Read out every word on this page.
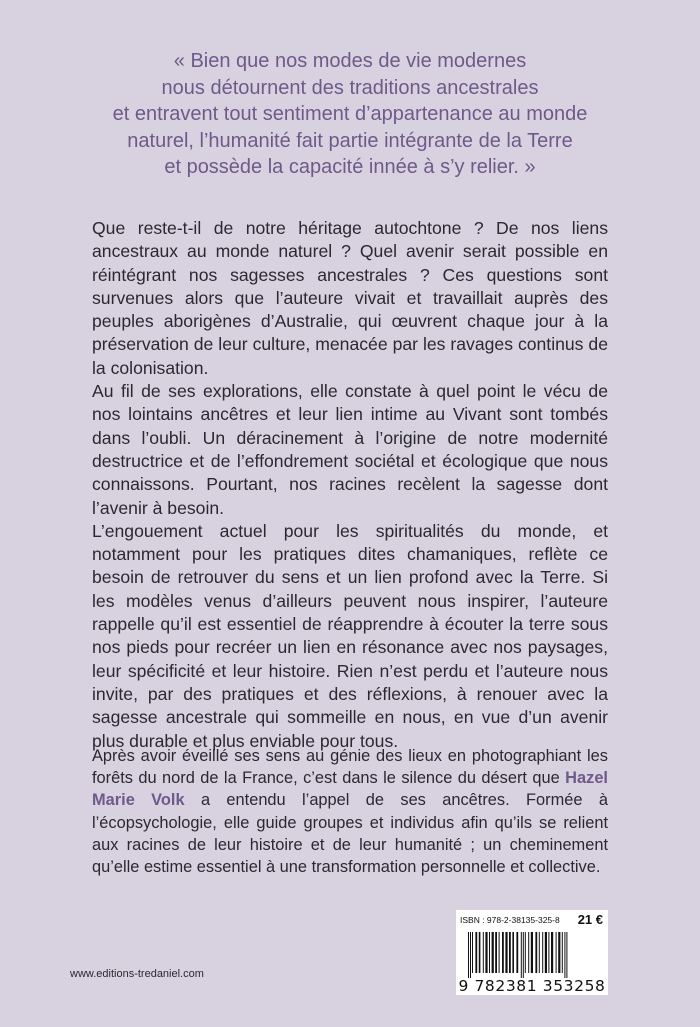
« Bien que nos modes de vie modernes
nous détournent des traditions ancestrales
et entravent tout sentiment d’appartenance au monde
naturel, l’humanité fait partie intégrante de la Terre
et possède la capacité innée à s’y relier. »

Que reste-t-il de notre héritage autochtone ? De nos liens ancestraux au monde naturel ? Quel avenir serait possible en réintégrant nos sagesses ancestrales ? Ces questions sont survenues alors que l’auteure vivait et travaillait auprès des peuples aborigènes d’Australie, qui œuvrent chaque jour à la préservation de leur culture, menacée par les ravages continus de la colonisation.

Au fil de ses explorations, elle constate à quel point le vécu de nos lointains ancêtres et leur lien intime au Vivant sont tombés dans l’oubli. Un déracinement à l’origine de notre modernité destructrice et de l’effondrement sociétal et écologique que nous connaissons. Pourtant, nos racines recèlent la sagesse dont l’avenir à besoin.

L’engouement actuel pour les spiritualités du monde, et notamment pour les pratiques dites chamaniques, reflète ce besoin de retrouver du sens et un lien profond avec la Terre. Si les modèles venus d’ailleurs peuvent nous inspirer, l’auteure rappelle qu’il est essentiel de réapprendre à écouter la terre sous nos pieds pour recréer un lien en résonance avec nos paysages, leur spécificité et leur histoire. Rien n’est perdu et l’auteure nous invite, par des pratiques et des réflexions, à renouer avec la sagesse ancestrale qui sommeille en nous, en vue d’un avenir plus durable et plus enviable pour tous.

Après avoir éveillé ses sens au génie des lieux en photographiant les forêts du nord de la France, c’est dans le silence du désert que Hazel Marie Volk a entendu l’appel de ses ancêtres. Formée à l’écopsychologie, elle guide groupes et individus afin qu’ils se relient aux racines de leur histoire et de leur humanité ; un cheminement qu’elle estime essentiel à une transformation personnelle et collective.

ISBN : 978-2-38135-325-8 21 €
9 782381 353258
www.editions-tredaniel.com
